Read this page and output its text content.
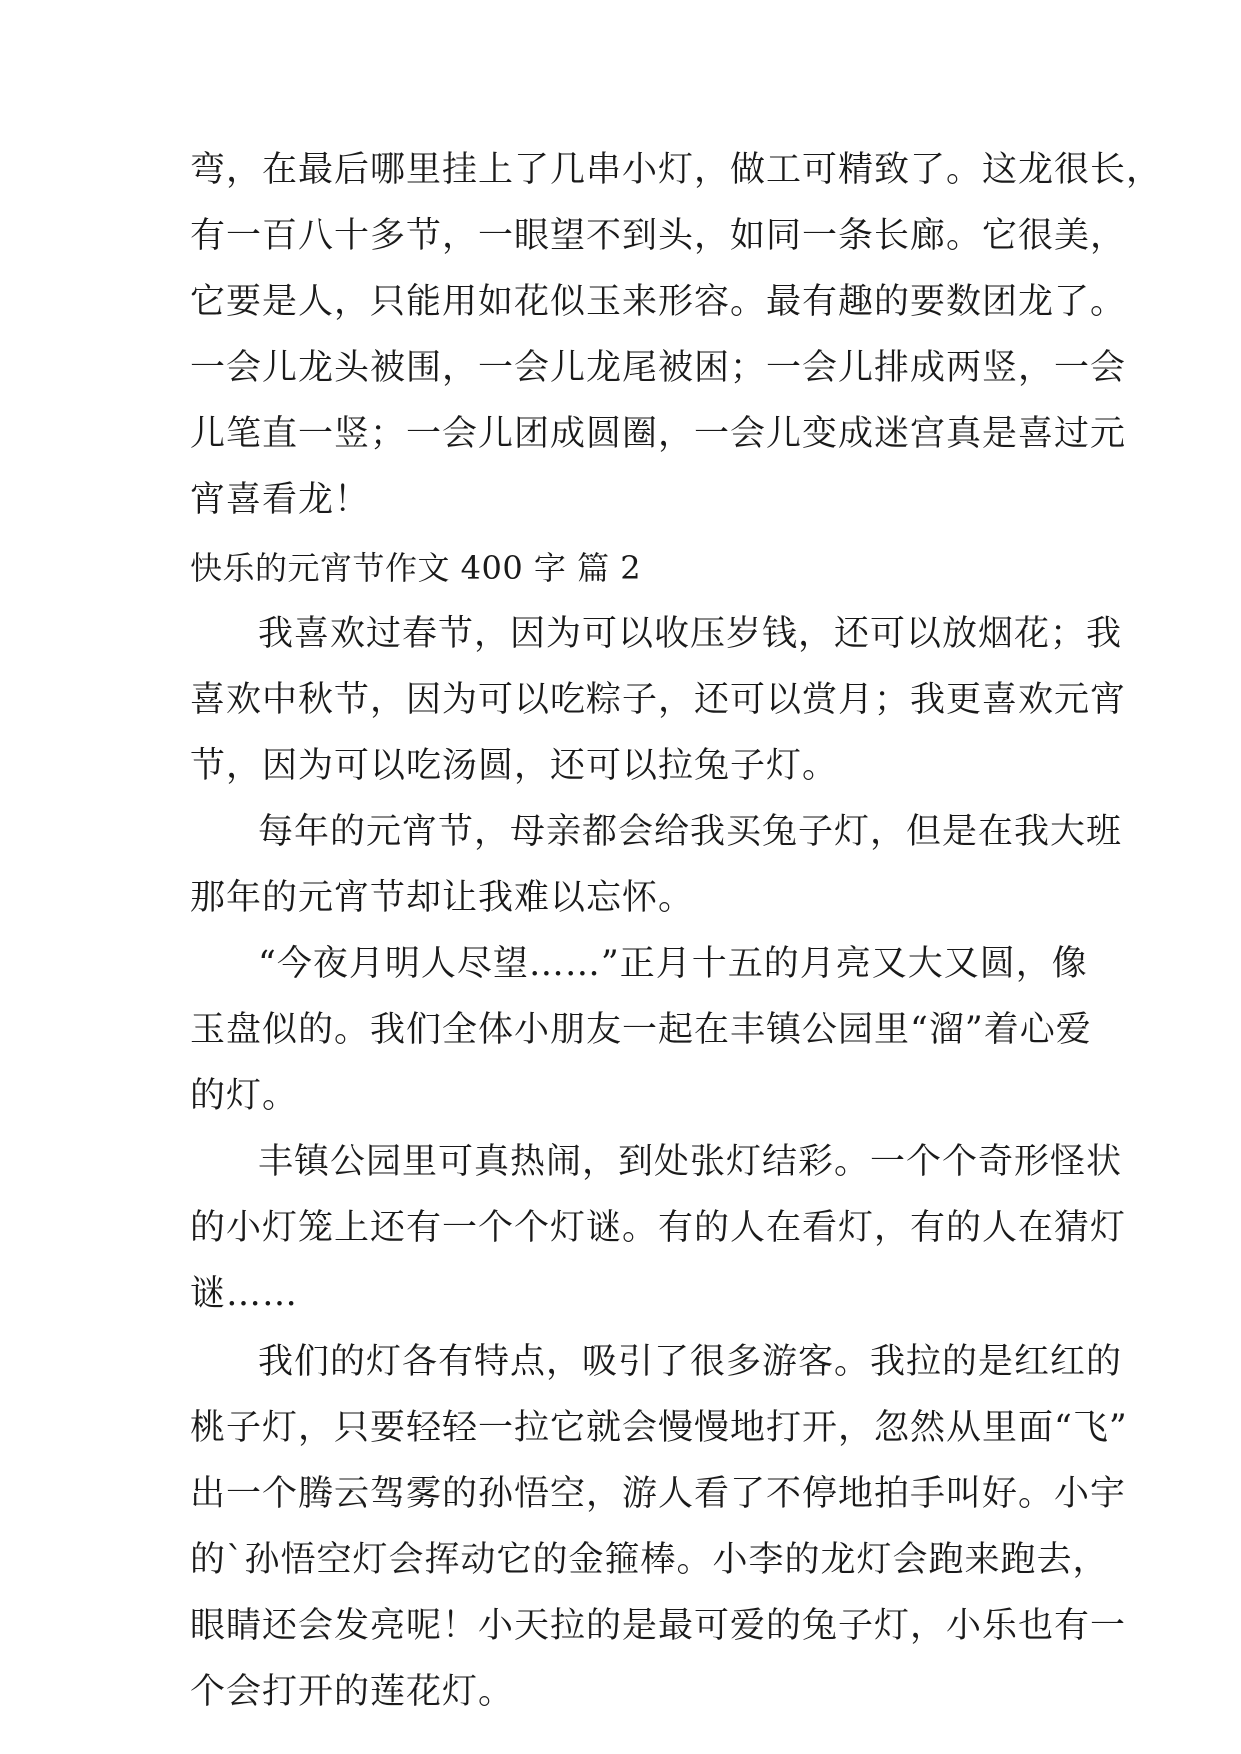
弯，在最后哪里挂上了几串小灯，做工可精致了。这龙很长，
有一百八十多节，一眼望不到头，如同一条长廊。它很美，
它要是人，只能用如花似玉来形容。最有趣的要数团龙了。
一会儿龙头被围，一会儿龙尾被困；一会儿排成两竖，一会
儿笔直一竖；一会儿团成圆圈，一会儿变成迷宫真是喜过元
宵喜看龙！
快乐的元宵节作文 400 字 篇 2
我喜欢过春节，因为可以收压岁钱，还可以放烟花；我
喜欢中秋节，因为可以吃粽子，还可以赏月；我更喜欢元宵
节，因为可以吃汤圆，还可以拉兔子灯。
每年的元宵节，母亲都会给我买兔子灯，但是在我大班
那年的元宵节却让我难以忘怀。
“今夜月明人尽望……”正月十五的月亮又大又圆，像
玉盘似的。我们全体小朋友一起在丰镇公园里“溜”着心爱
的灯。
丰镇公园里可真热闹，到处张灯结彩。一个个奇形怪状
的小灯笼上还有一个个灯谜。有的人在看灯，有的人在猜灯
谜……
我们的灯各有特点，吸引了很多游客。我拉的是红红的
桃子灯，只要轻轻一拉它就会慢慢地打开，忽然从里面“飞”
出一个腾云驾雾的孙悟空，游人看了不停地拍手叫好。小宇
的`孙悟空灯会挥动它的金箍棒。小李的龙灯会跑来跑去，
眼睛还会发亮呢！小天拉的是最可爱的兔子灯，小乐也有一
个会打开的莲花灯。
